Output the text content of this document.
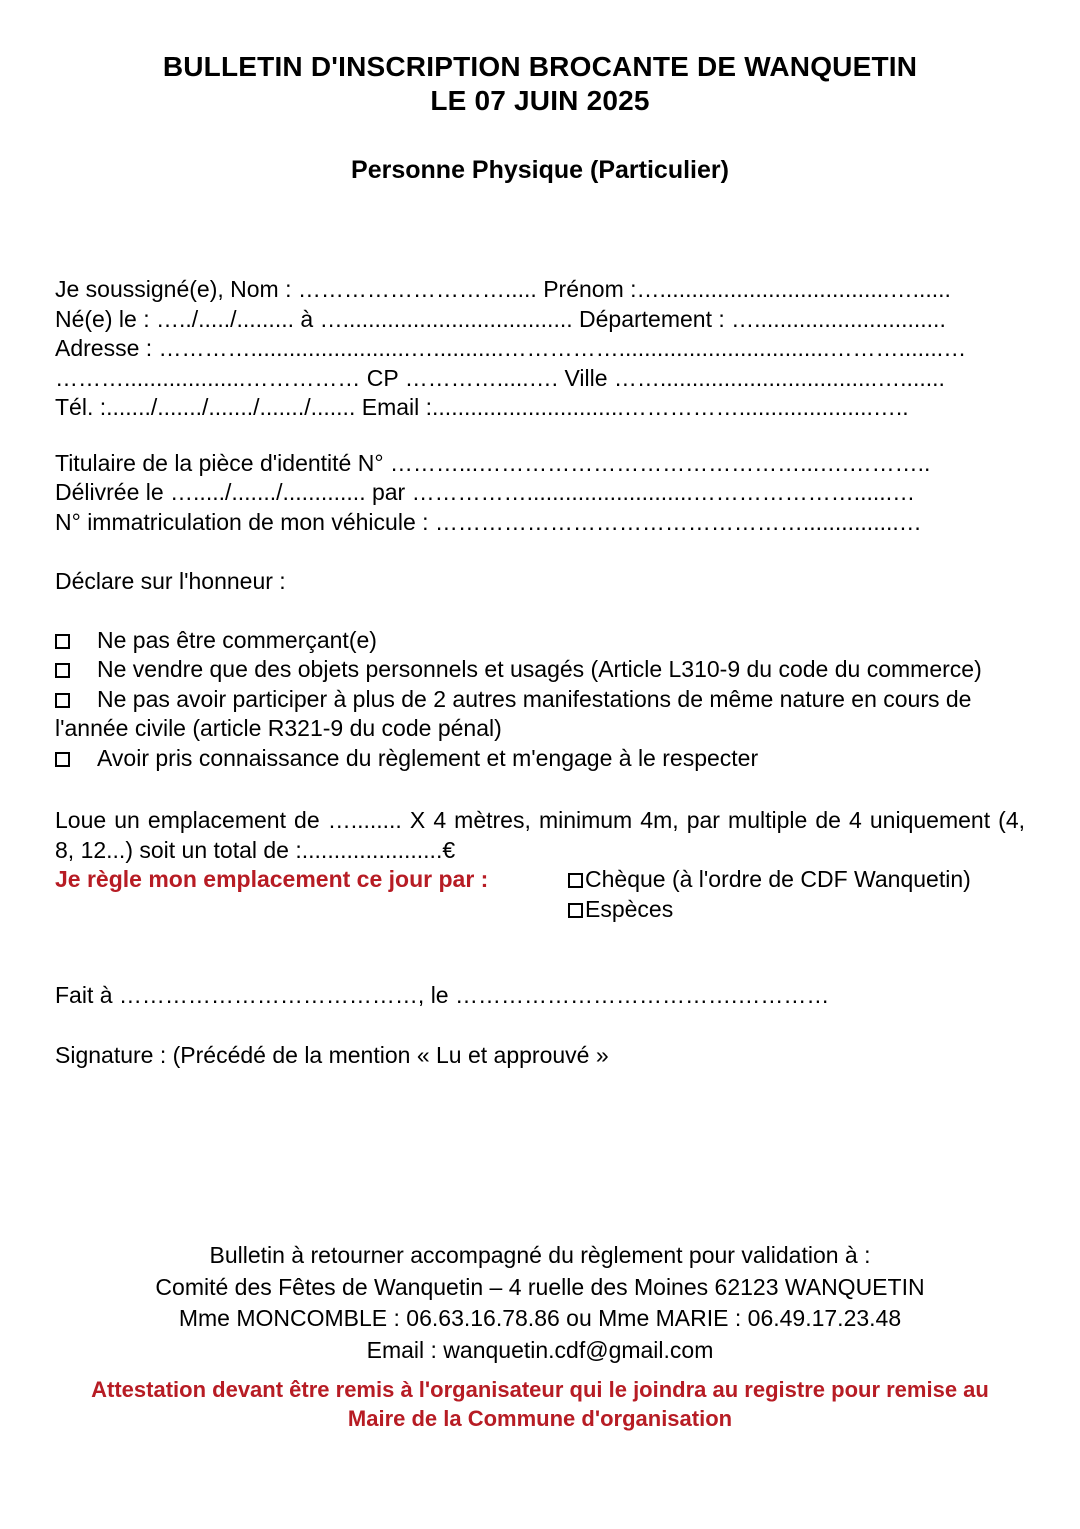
BULLETIN D'INSCRIPTION BROCANTE DE WANQUETIN
LE 07 JUIN 2025
Personne Physique (Particulier)

Je soussigné(e), Nom : ………………………..... Prénom :…....................................…......

Né(e) le : …../...../......... à ….................................... Département : …..............................

Adresse : ………….........................…...........…………….................................……….......…

………...................…………… CP ………….....…. Ville ……..................................….......

Tél. :......./......./......./......./....... Email :..............................…………….....................…..

Titulaire de la pièce d'identité N° ………...……………………………………...….………..

Délivrée le …...../......./............. par ……………..........................…………………......…

N° immatriculation de mon véhicule : …………………………………………...............…

Déclare sur l'honneur :

Ne pas être commerçant(e)

Ne vendre que des objets personnels et usagés (Article L310-9 du code du commerce)

Ne pas avoir participer à plus de 2 autres manifestations de même nature en cours de l'année civile (article R321-9 du code pénal)

Avoir pris connaissance du règlement et m'engage à le respecter

Loue un emplacement de …........ X 4 mètres, minimum 4m, par multiple de 4 uniquement (4, 8, 12...) soit un total de :......................€

Je règle mon emplacement ce jour par :	Chèque (à l'ordre de CDF Wanquetin)

Espèces

Fait à …………………………………, le ……………………………….…………

Signature : (Précédé de la mention « Lu et approuvé »

Bulletin à retourner accompagné du règlement pour validation à :

Comité des Fêtes de Wanquetin – 4 ruelle des Moines 62123 WANQUETIN

Mme MONCOMBLE : 06.63.16.78.86 ou Mme MARIE : 06.49.17.23.48

Email : wanquetin.cdf@gmail.com

Attestation devant être remis à l'organisateur qui le joindra au registre pour remise au Maire de la Commune d'organisation
